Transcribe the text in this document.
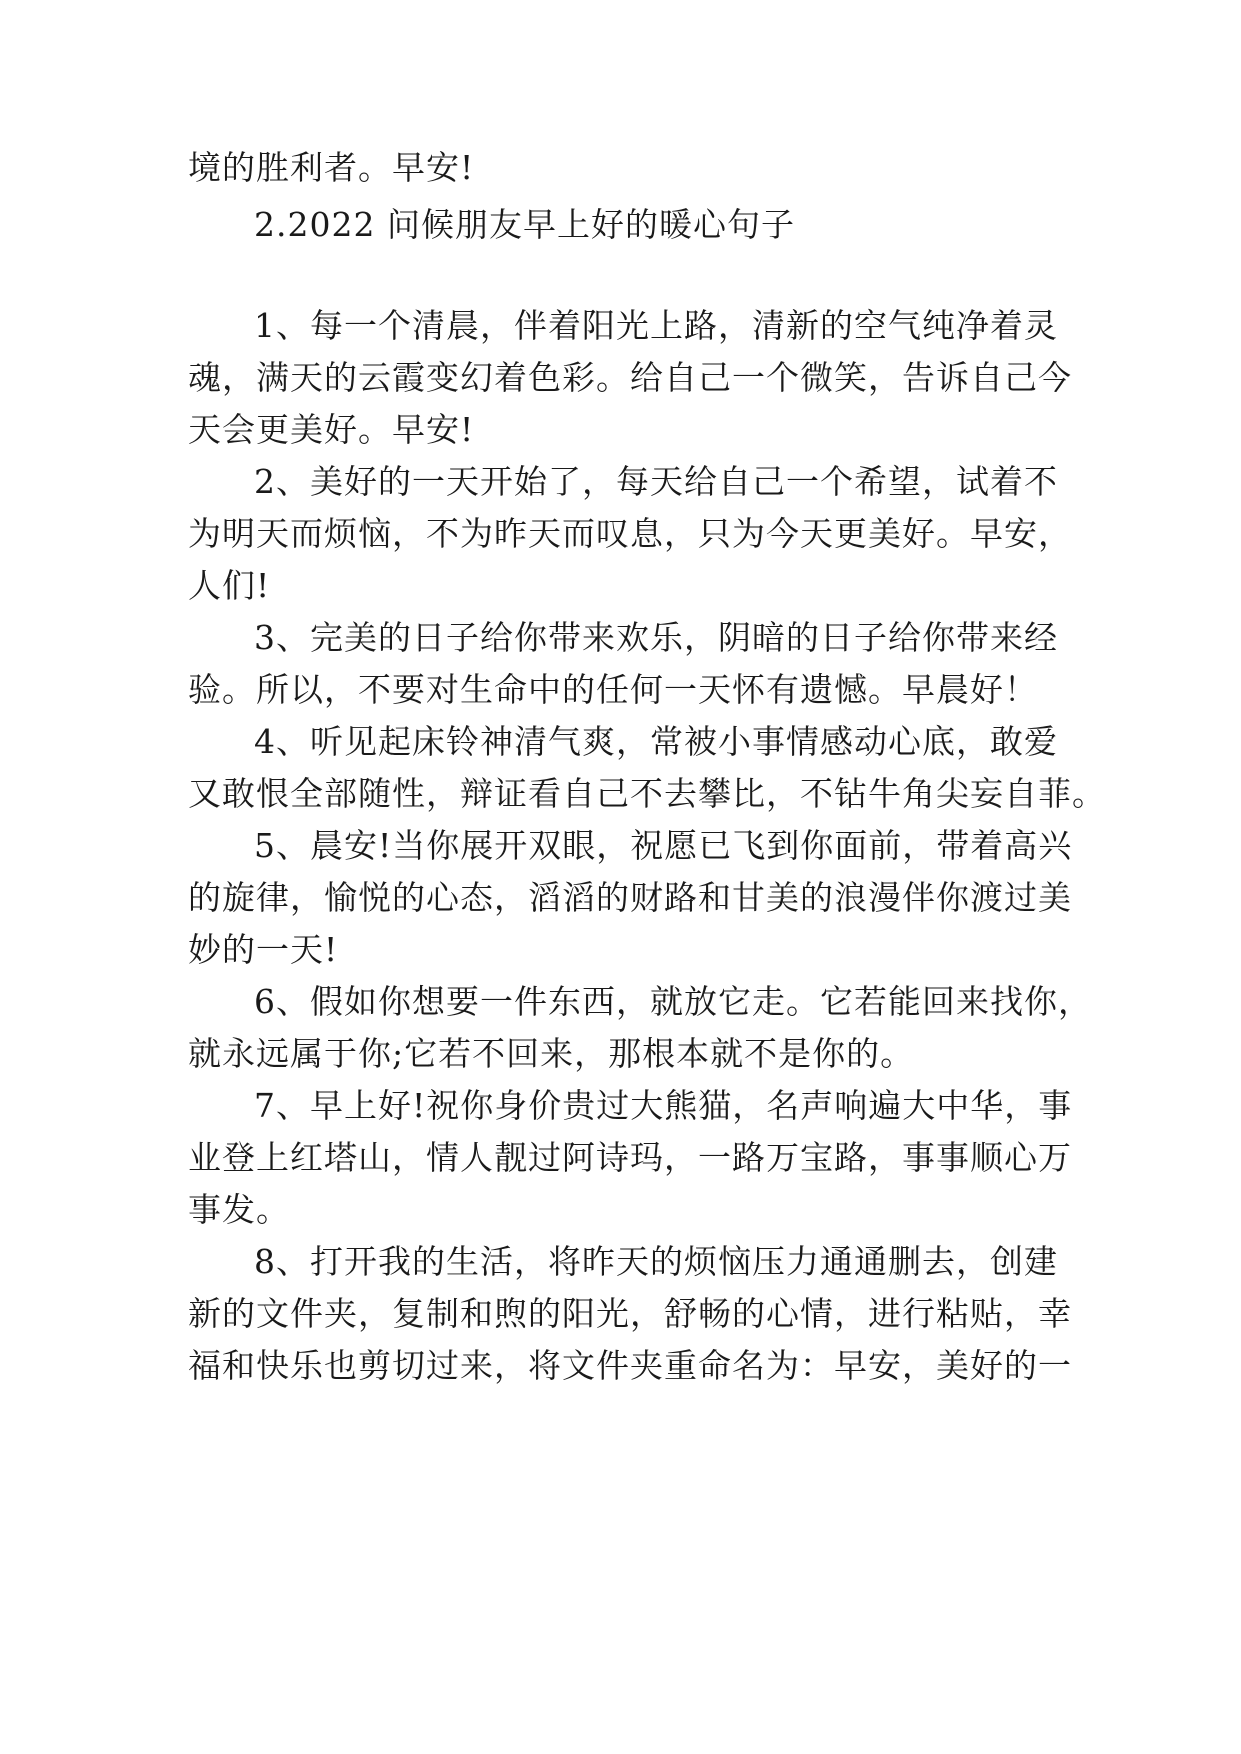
境的胜利者。早安!
2.2022 问候朋友早上好的暖心句子
1、每一个清晨，伴着阳光上路，清新的空气纯净着灵
魂，满天的云霞变幻着色彩。给自己一个微笑，告诉自己今
天会更美好。早安!
2、美好的一天开始了，每天给自己一个希望，试着不
为明天而烦恼，不为昨天而叹息，只为今天更美好。早安，
人们!
3、完美的日子给你带来欢乐，阴暗的日子给你带来经
验。所以，不要对生命中的任何一天怀有遗憾。早晨好！
4、听见起床铃神清气爽，常被小事情感动心底，敢爱
又敢恨全部随性，辩证看自己不去攀比，不钻牛角尖妄自菲。
5、晨安!当你展开双眼，祝愿已飞到你面前，带着高兴
的旋律，愉悦的心态，滔滔的财路和甘美的浪漫伴你渡过美
妙的一天!
6、假如你想要一件东西，就放它走。它若能回来找你，
就永远属于你;它若不回来，那根本就不是你的。
7、早上好!祝你身价贵过大熊猫，名声响遍大中华，事
业登上红塔山，情人靓过阿诗玛，一路万宝路，事事顺心万
事发。
8、打开我的生活，将昨天的烦恼压力通通删去，创建
新的文件夹，复制和煦的阳光，舒畅的心情，进行粘贴，幸
福和快乐也剪切过来，将文件夹重命名为：早安，美好的一
